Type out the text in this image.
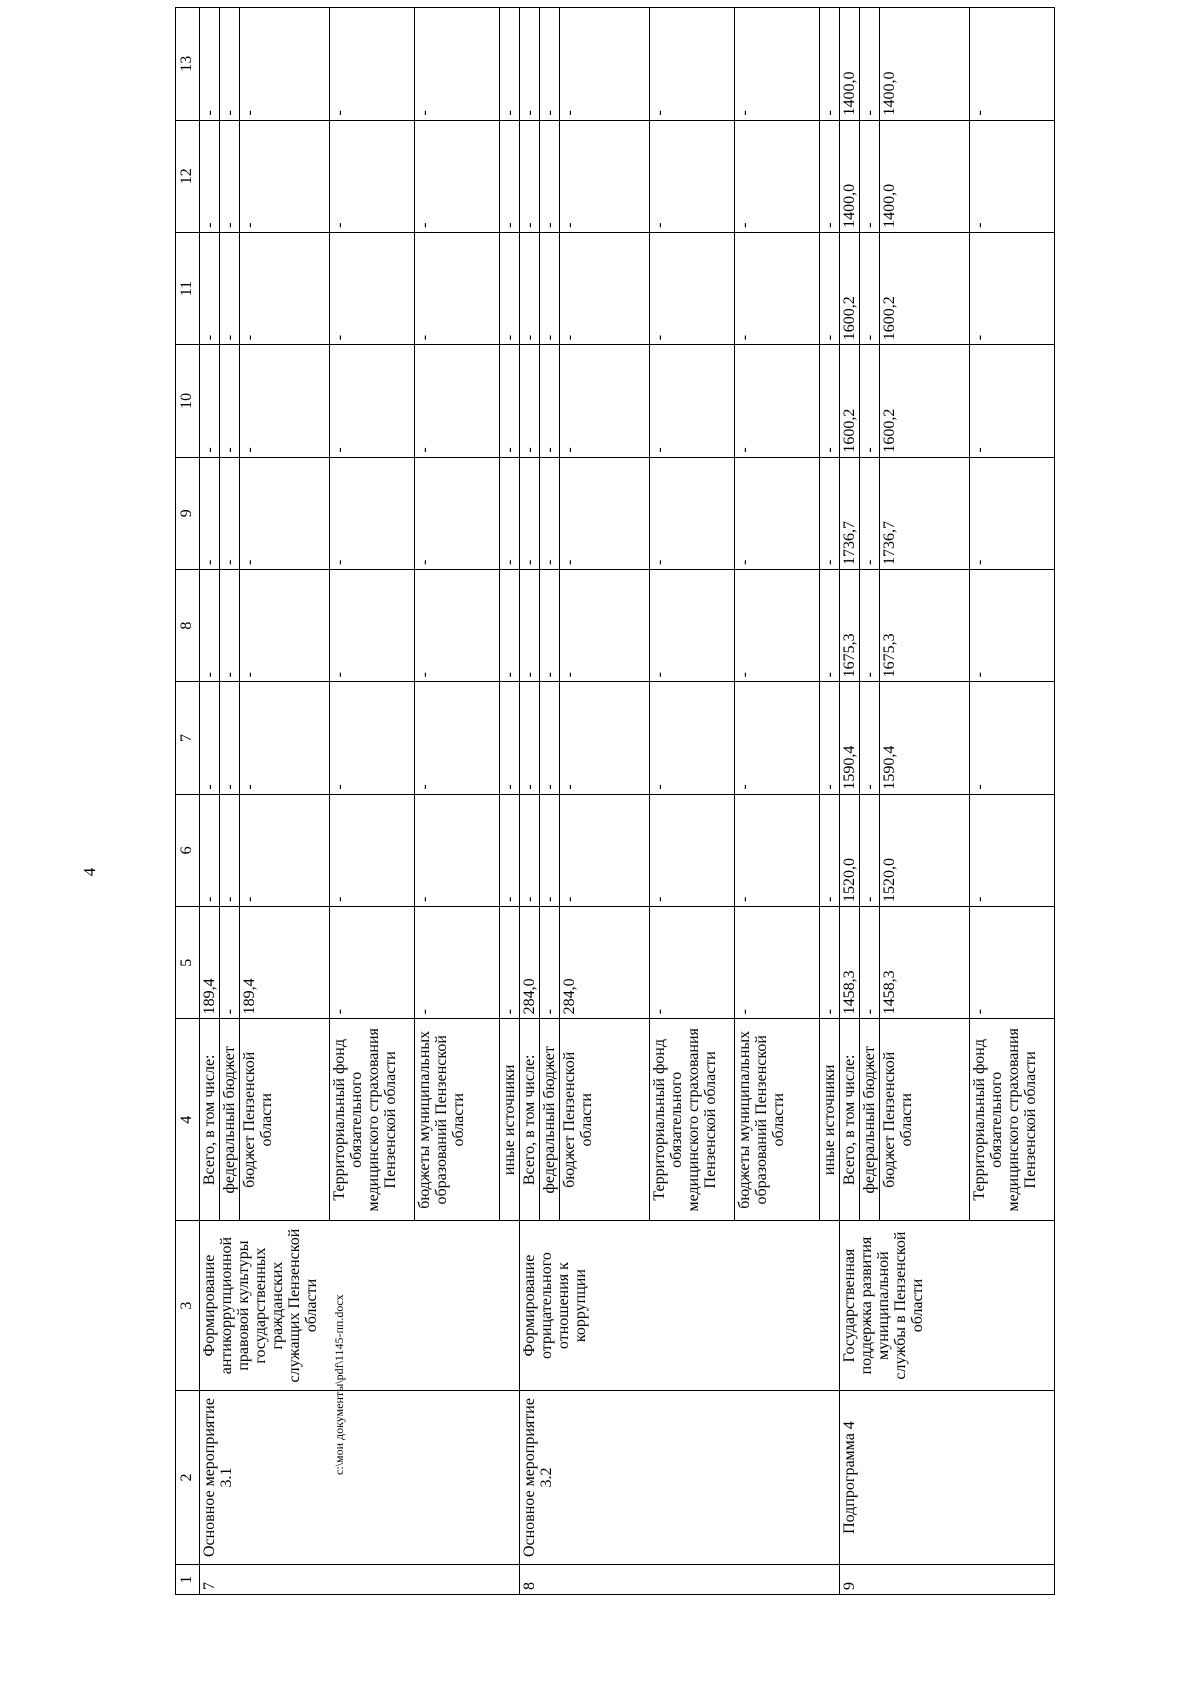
4
c:\мои документы\pdf\1145-пп.docx
1	2	3	4	5	6	7	8	9	10	11	12	13
7	Основное мероприятие 3.1	Формирование антикоррупционной правовой культуры государственных гражданских служащих Пензенской области	Всего, в том числе:	189,4	-	-	-	-	-	-	-	-
			федеральный бюджет	-	-	-	-	-	-	-	-	-
			бюджет Пензенской области	189,4	-	-	-	-	-	-	-	-
			Территориальный фонд обязательного медицинского страхования Пензенской области	-	-	-	-	-	-	-	-	-
			бюджеты муниципальных образований Пензенской области	-	-	-	-	-	-	-	-	-
			иные источники	-	-	-	-	-	-	-	-	-
8	Основное мероприятие 3.2	Формирование отрицательного отношения к коррупции	Всего, в том числе:	284,0	-	-	-	-	-	-	-	-
			федеральный бюджет	-	-	-	-	-	-	-	-	-
			бюджет Пензенской области	284,0	-	-	-	-	-	-	-	-
			Территориальный фонд обязательного медицинского страхования Пензенской области	-	-	-	-	-	-	-	-	-
			бюджеты муниципальных образований Пензенской области	-	-	-	-	-	-	-	-	-
			иные источники	-	-	-	-	-	-	-	-	-
9	Подпрограмма 4	Государственная поддержка развития муниципальной службы в Пензенской области	Всего, в том числе:	1458,3	1520,0	1590,4	1675,3	1736,7	1600,2	1600,2	1400,0	1400,0
			федеральный бюджет	-	-	-	-	-	-	-	-	-
			бюджет Пензенской области	1458,3	1520,0	1590,4	1675,3	1736,7	1600,2	1600,2	1400,0	1400,0
			Территориальный фонд обязательного медицинского страхования Пензенской области	-	-	-	-	-	-	-	-	-
